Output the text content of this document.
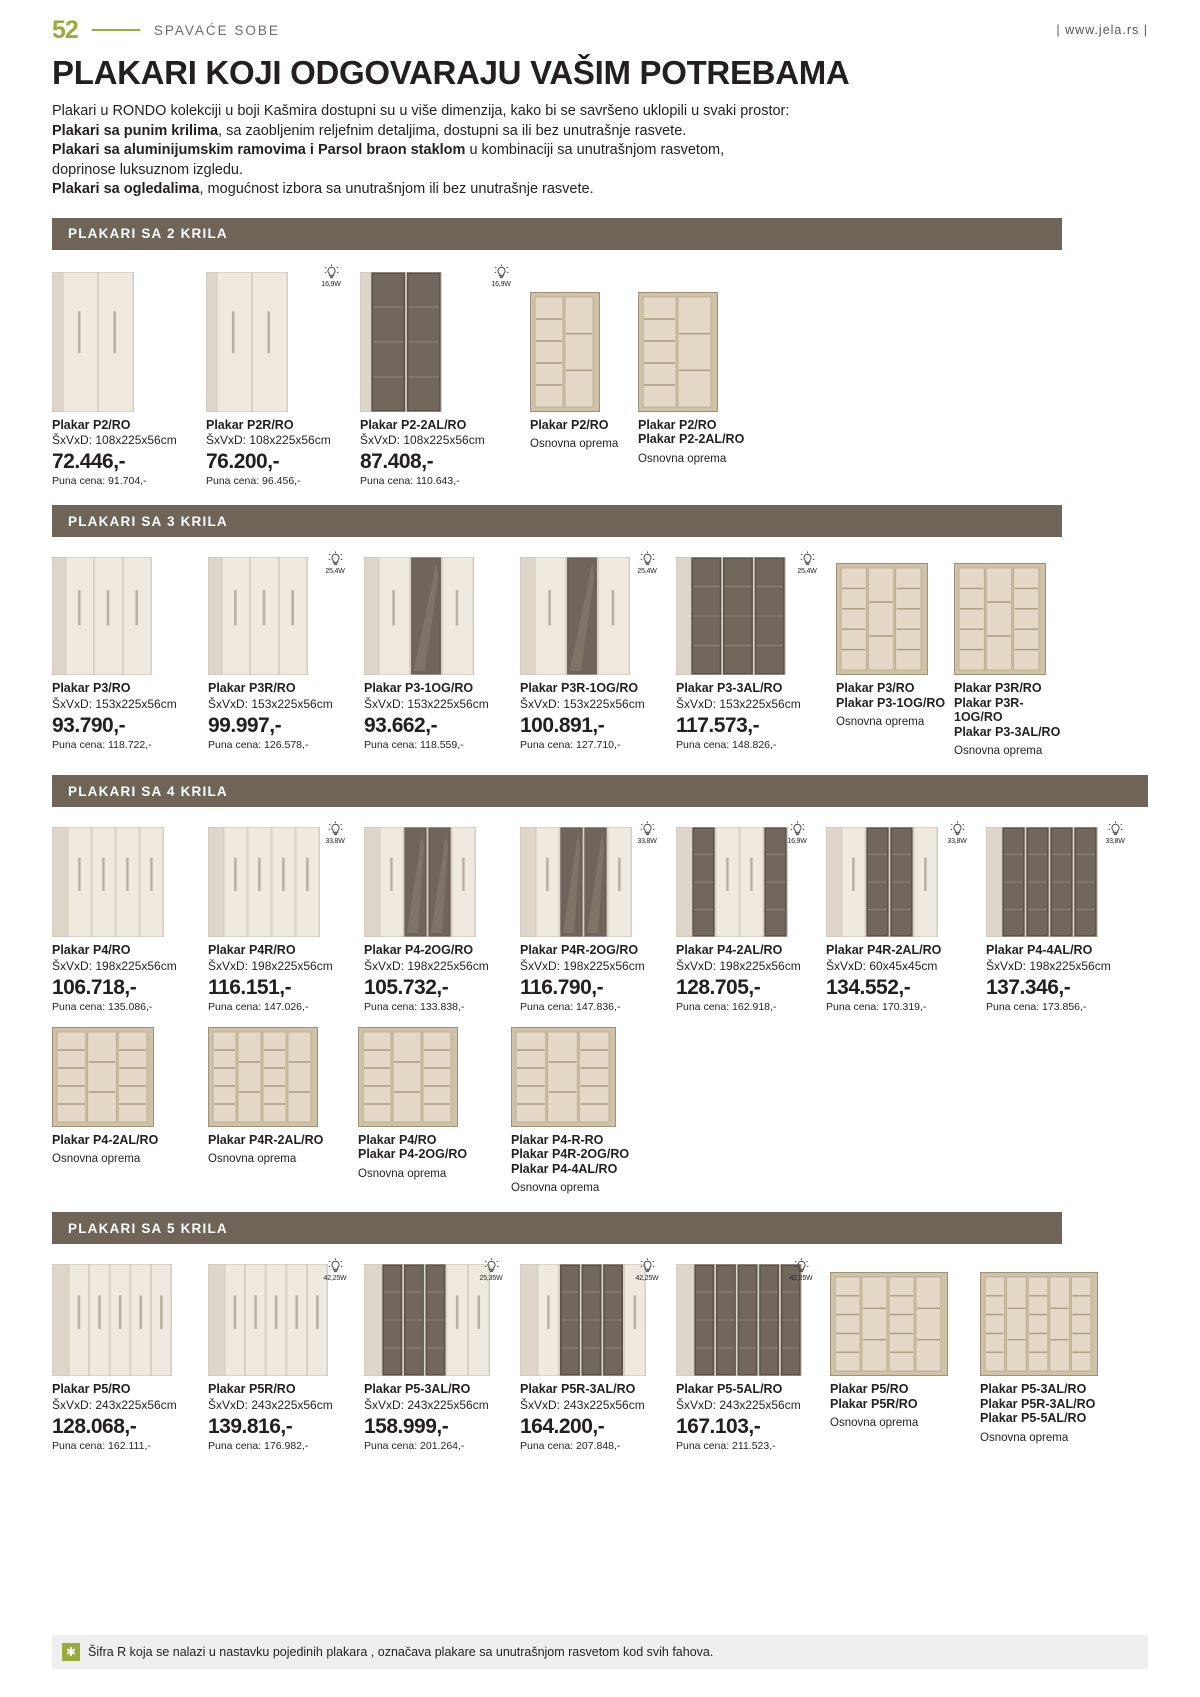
52	SPAVAĆE SOBE	| www.jela.rs |
PLAKARI KOJI ODGOVARAJU VAŠIM POTREBAMA
Plakari u RONDO kolekciji u boji Kašmira dostupni su u više dimenzija, kako bi se savršeno uklopili u svaki prostor:
Plakari sa punim krilima, sa zaobljenim reljefnim detaljima, dostupni sa ili bez unutrašnje rasvete.
Plakari sa aluminijumskim ramovima i Parsol braon staklom u kombinaciji sa unutrašnjom rasvetom,
doprinose luksuznom izgledu.
Plakari sa ogledalima, mogućnost izbora sa unutrašnjom ili bez unutrašnje rasvete.
PLAKARI SA 2 KRILA
Plakar P2/RO
ŠxVxD: 108x225x56cm
72.446,-
Puna cena: 91.704,-
16,9W
Plakar P2R/RO
ŠxVxD: 108x225x56cm
76.200,-
Puna cena: 96.456,-
16,9W
Plakar P2-2AL/RO
ŠxVxD: 108x225x56cm
87.408,-
Puna cena: 110.643,-
Plakar P2/RO
Osnovna oprema
Plakar P2/RO
Plakar P2-2AL/RO
Osnovna oprema
PLAKARI SA 3 KRILA
Plakar P3/RO
ŠxVxD: 153x225x56cm
93.790,-
Puna cena: 118.722,-
25,4W
Plakar P3R/RO
ŠxVxD: 153x225x56cm
99.997,-
Puna cena: 126.578,-
Plakar P3-1OG/RO
ŠxVxD: 153x225x56cm
93.662,-
Puna cena: 118.559,-
25,4W
Plakar P3R-1OG/RO
ŠxVxD: 153x225x56cm
100.891,-
Puna cena: 127.710,-
25,4W
Plakar P3-3AL/RO
ŠxVxD: 153x225x56cm
117.573,-
Puna cena: 148.826,-
Plakar P3/RO
Plakar P3-1OG/RO
Osnovna oprema
Plakar P3R/RO
Plakar P3R-1OG/RO
Plakar P3-3AL/RO
Osnovna oprema
PLAKARI SA 4 KRILA
Plakar P4/RO
ŠxVxD: 198x225x56cm
106.718,-
Puna cena: 135.086,-
33,8W
Plakar P4R/RO
ŠxVxD: 198x225x56cm
116.151,-
Puna cena: 147.026,-
Plakar P4-2OG/RO
ŠxVxD: 198x225x56cm
105.732,-
Puna cena: 133.838,-
33,8W
Plakar P4R-2OG/RO
ŠxVxD: 198x225x56cm
116.790,-
Puna cena: 147.836,-
16,9W
Plakar P4-2AL/RO
ŠxVxD: 198x225x56cm
128.705,-
Puna cena: 162.918,-
33,8W
Plakar P4R-2AL/RO
ŠxVxD: 60x45x45cm
134.552,-
Puna cena: 170.319,-
33,8W
Plakar P4-4AL/RO
ŠxVxD: 198x225x56cm
137.346,-
Puna cena: 173.856,-
Plakar P4-2AL/RO
Osnovna oprema
Plakar P4R-2AL/RO
Osnovna oprema
Plakar P4/RO
Plakar P4-2OG/RO
Osnovna oprema
Plakar P4-R-RO
Plakar P4R-2OG/RO
Plakar P4-4AL/RO
Osnovna oprema
PLAKARI SA 5 KRILA
Plakar P5/RO
ŠxVxD: 243x225x56cm
128.068,-
Puna cena: 162.111,-
42,25W
Plakar P5R/RO
ŠxVxD: 243x225x56cm
139.816,-
Puna cena: 176.982,-
25,35W
Plakar P5-3AL/RO
ŠxVxD: 243x225x56cm
158.999,-
Puna cena: 201.264,-
42,25W
Plakar P5R-3AL/RO
ŠxVxD: 243x225x56cm
164.200,-
Puna cena: 207.848,-
42,25W
Plakar P5-5AL/RO
ŠxVxD: 243x225x56cm
167.103,-
Puna cena: 211.523,-
Plakar P5/RO
Plakar P5R/RO
Osnovna oprema
Plakar P5-3AL/RO
Plakar P5R-3AL/RO
Plakar P5-5AL/RO
Osnovna oprema
✱ Šifra R koja se nalazi u nastavku pojedinih plakara , označava plakare sa unutrašnjom rasvetom kod svih fahova.
